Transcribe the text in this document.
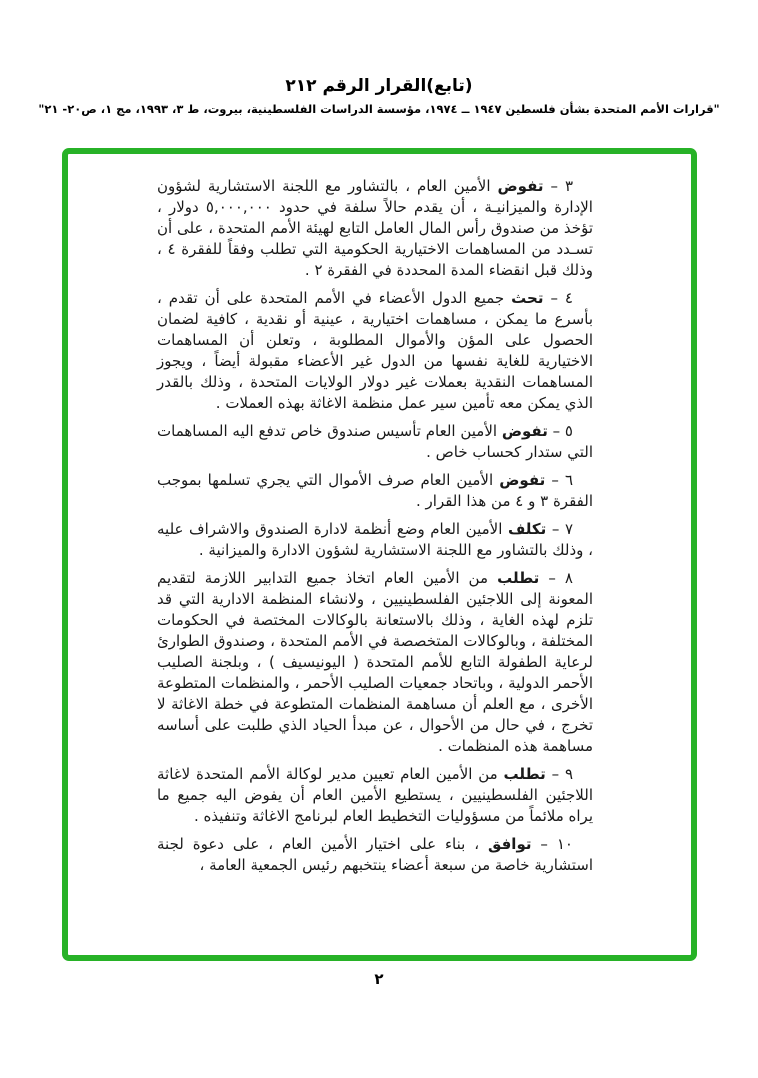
(تابع)القرار الرقم ٢١٢
"قرارات الأمم المتحدة بشأن فلسطين ١٩٤٧ ــ ١٩٧٤، مؤسسة الدراسات الفلسطينية، بيروت، ط ٣، ١٩٩٣، مج ١، ص٢٠- ٢١"

٣ – تفوض الأمين العام ، بالتشاور مع اللجنة الاستشارية لشؤون الإدارة والميزانيـة ، أن يقدم حالاً سلفة في حدود ٥,٠٠٠,٠٠٠ دولار ، تؤخذ من صندوق رأس المال العامل التابع لهيئة الأمم المتحدة ، على أن تسـدد من المساهمات الاختيارية الحكومية التي تطلب وفقاً للفقرة ٤ ، وذلك قبل انقضاء المدة المحددة في الفقرة ٢ .

٤ – تحث جميع الدول الأعضاء في الأمم المتحدة على أن تقدم ، بأسرع ما يمكن ، مساهمات اختيارية ، عينية أو نقدية ، كافية لضمان الحصول على المؤن والأموال المطلوبة ، وتعلن أن المساهمات الاختيارية للغاية نفسها من الدول غير الأعضاء مقبولة أيضاً ، ويجوز المساهمات النقدية بعملات غير دولار الولايات المتحدة ، وذلك بالقدر الذي يمكن معه تأمين سير عمل منظمة الاغاثة بهذه العملات .

٥ – تفوض الأمين العام تأسيس صندوق خاص تدفع اليه المساهمات التي ستدار كحساب خاص .

٦ – تفوض الأمين العام صرف الأموال التي يجري تسلمها بموجب الفقرة ٣ و ٤ من هذا القرار .

٧ – تكلف الأمين العام وضع أنظمة لادارة الصندوق والاشراف عليه ، وذلك بالتشاور مع اللجنة الاستشارية لشؤون الادارة والميزانية .

٨ – تطلب من الأمين العام اتخاذ جميع التدابير اللازمة لتقديم المعونة إلى اللاجئين الفلسطينيين ، ولانشاء المنظمة الادارية التي قد تلزم لهذه الغاية ، وذلك بالاستعانة بالوكالات المختصة في الحكومات المختلفة ، وبالوكالات المتخصصة في الأمم المتحدة ، وصندوق الطوارئ لرعاية الطفولة التابع للأمم المتحدة ( اليونيسيف ) ، وبلجنة الصليب الأحمر الدولية ، وباتحاد جمعيات الصليب الأحمر ، والمنظمات المتطوعة الأخرى ، مع العلم أن مساهمة المنظمات المتطوعة في خطة الاغاثة لا تخرج ، في حال من الأحوال ، عن مبدأ الحياد الذي طلبت على أساسه مساهمة هذه المنظمات .

٩ – تطلب من الأمين العام تعيين مدير لوكالة الأمم المتحدة لاغاثة اللاجئين الفلسطينيين ، يستطيع الأمين العام أن يفوض اليه جميع ما يراه ملائماً من مسؤوليات التخطيط العام لبرنامج الاغاثة وتنفيذه .

١٠ – توافق ، بناء على اختيار الأمين العام ، على دعوة لجنة استشارية خاصة من سبعة أعضاء ينتخبهم رئيس الجمعية العامة ،

٢
